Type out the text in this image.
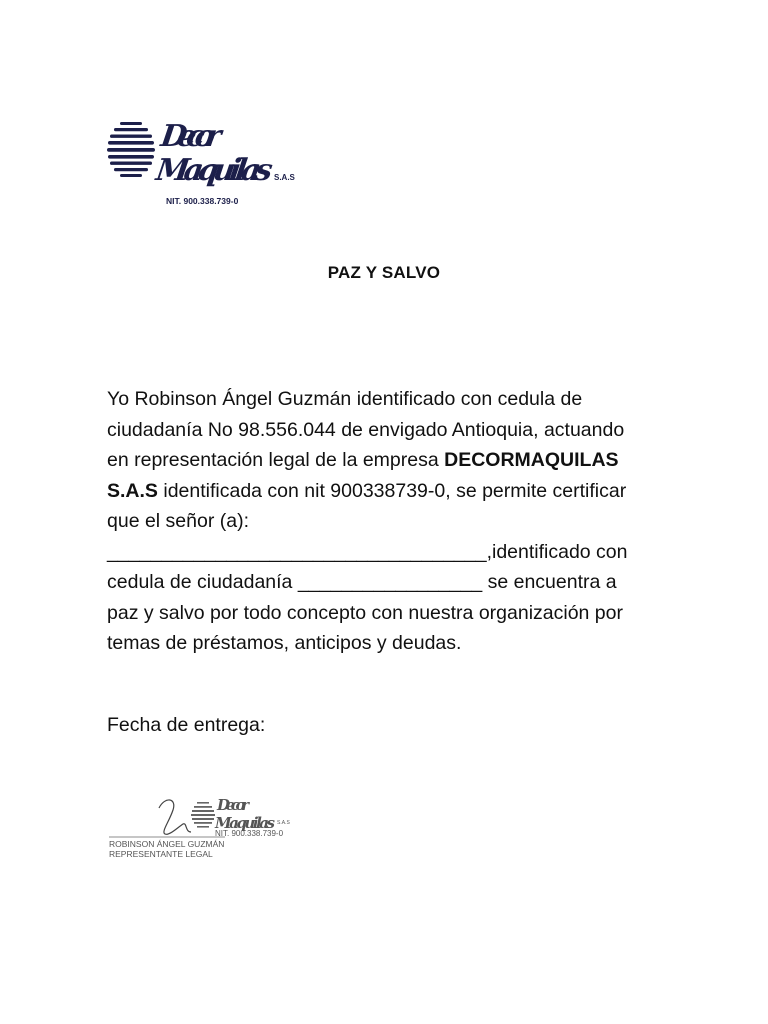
Decor
Maquilas S.A.S
NIT. 900.338.739-0
PAZ Y SALVO
Yo Robinson Ángel Guzmán identificado con cedula de
ciudadanía No 98.556.044 de envigado Antioquia, actuando
en representación legal de la empresa DECORMAQUILAS
S.A.S identificada con nit 900338739-0, se permite certificar
que el señor (a):
___________________________________,identificado con
cedula de ciudadanía _________________ se encuentra a
paz y salvo por todo concepto con nuestra organización por
temas de préstamos, anticipos y deudas.
Fecha de entrega:
Decor
Maquilas S.A.S
NIT. 900.338.739-0
ROBINSON ÁNGEL GUZMÁN
REPRESENTANTE LEGAL
